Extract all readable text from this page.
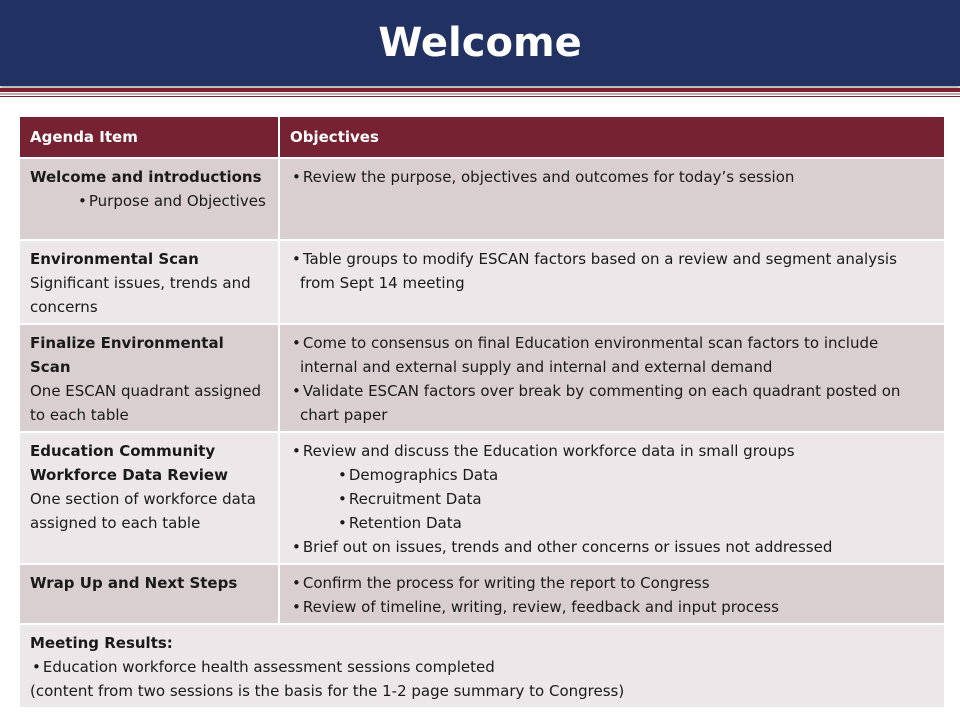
Welcome
Agenda Item	Objectives

Welcome and introductions
• Purpose and Objectives	• Review the purpose, objectives and outcomes for today’s session

Environmental Scan
Significant issues, trends and concerns	• Table groups to modify ESCAN factors based on a review and segment analysis from Sept 14 meeting

Finalize Environmental Scan
One ESCAN quadrant assigned to each table	• Come to consensus on final Education environmental scan factors to include internal and external supply and internal and external demand
• Validate ESCAN factors over break by commenting on each quadrant posted on chart paper

Education Community Workforce Data Review
One section of workforce data assigned to each table	• Review and discuss the Education workforce data in small groups
• Demographics Data
• Recruitment Data
• Retention Data
• Brief out on issues, trends and other concerns or issues not addressed

Wrap Up and Next Steps	• Confirm the process for writing the report to Congress
• Review of timeline, writing, review, feedback and input process

Meeting Results:
• Education workforce health assessment sessions completed
(content from two sessions is the basis for the 1-2 page summary to Congress)
